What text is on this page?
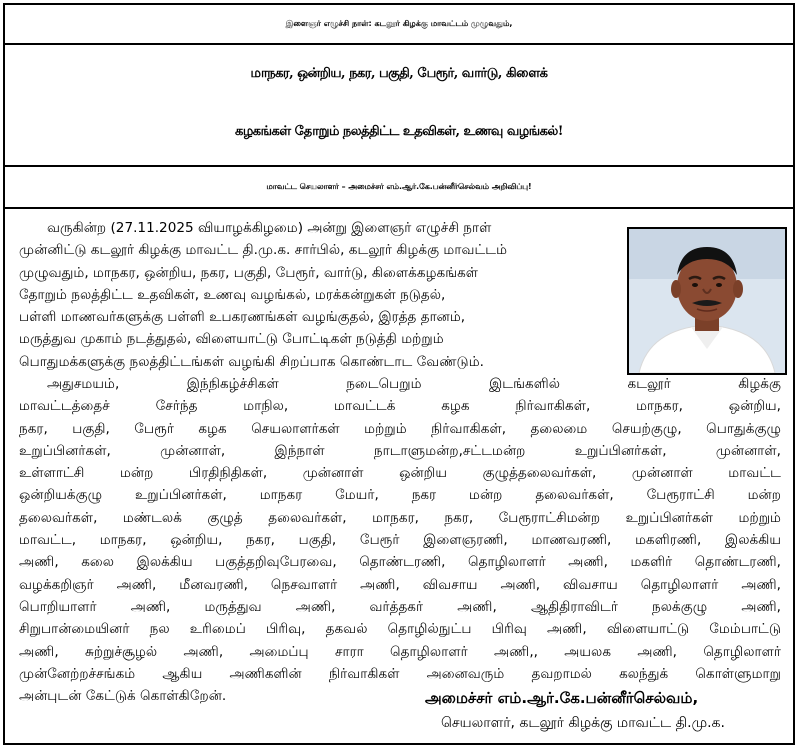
இளைஞர் எழுச்சி நாள்: கடலூர் கிழக்கு மாவட்டம் முழுவதும்,
மாநகர, ஒன்றிய, நகர, பகுதி, பேரூர், வார்டு, கிளைக்
கழகங்கள் தோறும் நலத்திட்ட உதவிகள், உணவு வழங்கல்!
மாவட்ட செயலாளர் – அமைச்சர் எம்.ஆர்.கே.பன்னீர்செல்வம் அறிவிப்பு!
வருகின்ற (27.11.2025 வியாழக்கிழமை) அன்று இளைஞர் எழுச்சி நாள்
முன்னிட்டு கடலூர் கிழக்கு மாவட்ட தி.மு.க. சார்பில், கடலூர் கிழக்கு மாவட்டம்
முழுவதும், மாநகர, ஒன்றிய, நகர, பகுதி, பேரூர், வார்டு, கிளைக்கழகங்கள்
தோறும் நலத்திட்ட உதவிகள், உணவு வழங்கல், மரக்கன்றுகள் நடுதல்,
பள்ளி மாணவர்களுக்கு பள்ளி உபகரணங்கள் வழங்குதல், இரத்த தானம்,
மருத்துவ முகாம் நடத்துதல், விளையாட்டு போட்டிகள் நடுத்தி மற்றும்
பொதுமக்களுக்கு நலத்திட்டங்கள் வழங்கி சிறப்பாக கொண்டாட வேண்டும்.
அதுசமயம், இந்நிகழ்ச்சிகள் நடைபெறும் இடங்களில் கடலூர் கிழக்கு
மாவட்டத்தைச் சேர்ந்த மாநில, மாவட்டக் கழக நிர்வாகிகள், மாநகர, ஒன்றிய,
நகர, பகுதி, பேரூர் கழக செயலாளர்கள் மற்றும் நிர்வாகிகள், தலைமை செயற்குழு, பொதுக்குழு
உறுப்பினர்கள், முன்னாள், இந்நாள் நாடாளுமன்ற,சட்டமன்ற உறுப்பினர்கள், முன்னாள்,
உள்ளாட்சி மன்ற பிரதிநிதிகள், முன்னாள் ஒன்றிய குழுத்தலைவர்கள், முன்னாள் மாவட்ட
ஒன்றியக்குழு உறுப்பினர்கள், மாநகர மேயர், நகர மன்ற தலைவர்கள், பேரூராட்சி மன்ற
தலைவர்கள், மண்டலக் குழுத் தலைவர்கள், மாநகர, நகர, பேரூராட்சிமன்ற உறுப்பினர்கள் மற்றும்
மாவட்ட, மாநகர, ஒன்றிய, நகர, பகுதி, பேரூர் இளைஞரணி, மாணவரணி, மகளிரணி, இலக்கிய
அணி, கலை இலக்கிய பகுத்தறிவுபேரவை, தொண்டரணி, தொழிலாளர் அணி, மகளிர் தொண்டரணி,
வழக்கறிஞர் அணி, மீனவரணி, நெசவாளர் அணி, விவசாய அணி, விவசாய தொழிலாளர் அணி,
பொறியாளர் அணி, மருத்துவ அணி, வர்த்தகர் அணி, ஆதிதிராவிடர் நலக்குழு அணி,
சிறுபான்மையினர் நல உரிமைப் பிரிவு, தகவல் தொழில்நுட்ப பிரிவு அணி, விளையாட்டு மேம்பாட்டு
அணி, சுற்றுச்சூழல் அணி, அமைப்பு சாரா தொழிலாளர் அணி,, அயலக அணி, தொழிலாளர்
முன்னேற்றச்சங்கம் ஆகிய அணிகளின் நிர்வாகிகள் அனைவரும் தவறாமல் கலந்துக் கொள்ளுமாறு
அன்புடன் கேட்டுக் கொள்கிறேன்.	அமைச்சர் எம்.ஆர்.கே.பன்னீர்செல்வம்,
செயலாளர், கடலூர் கிழக்கு மாவட்ட தி.மு.க.
